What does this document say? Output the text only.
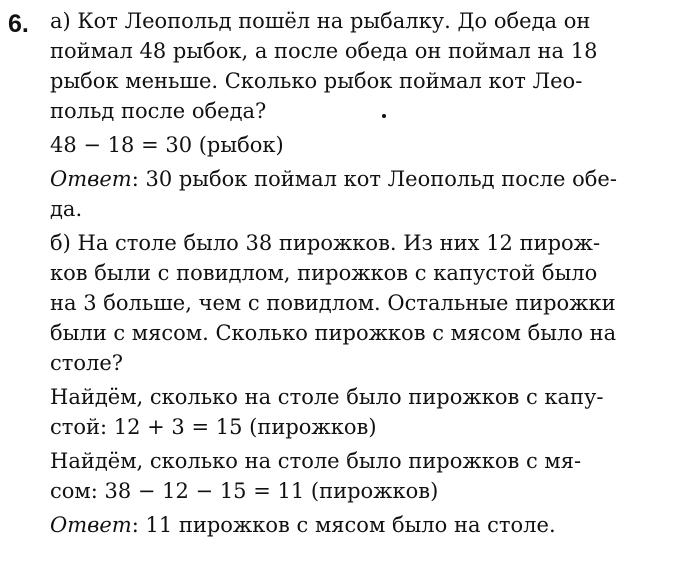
6. а) Кот Леопольд пошёл на рыбалку. До обеда он
поймал 48 рыбок, а после обеда он поймал на 18
рыбок меньше. Сколько рыбок поймал кот Лео-
польд после обеда?
48 − 18 = 30 (рыбок)
Ответ: 30 рыбок поймал кот Леопольд после обе-
да.
б) На столе было 38 пирожков. Из них 12 пирож-
ков были с повидлом, пирожков с капустой было
на 3 больше, чем с повидлом. Остальные пирожки
были с мясом. Сколько пирожков с мясом было на
столе?
Найдём, сколько на столе было пирожков с капу-
стой: 12 + 3 = 15 (пирожков)
Найдём, сколько на столе было пирожков с мя-
сом: 38 − 12 − 15 = 11 (пирожков)
Ответ: 11 пирожков с мясом было на столе.
